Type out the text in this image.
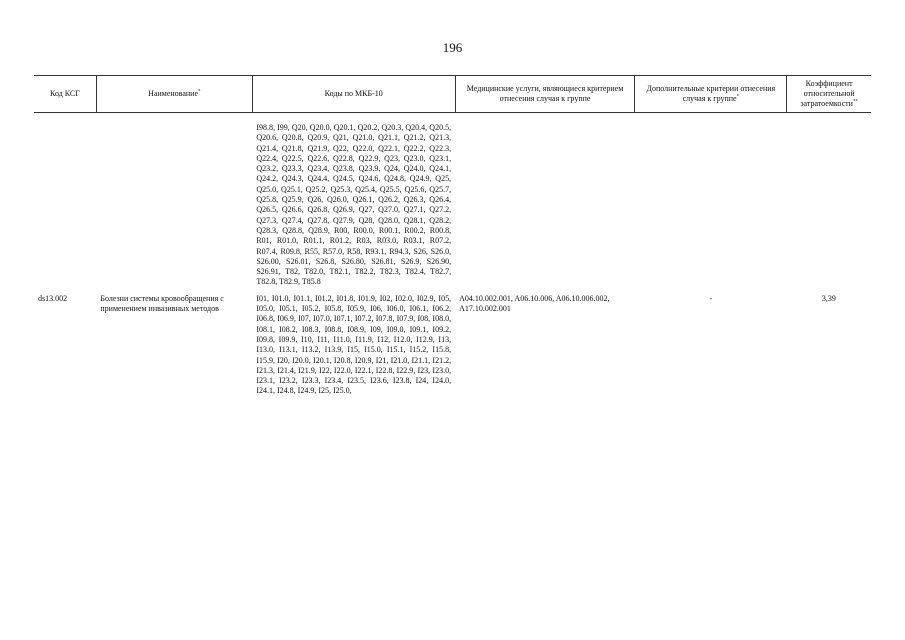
196
Код КСГ	Наименование*	Коды по МКБ-10	Медицинские услуги, являющиеся критерием отнесения случая к группе	Дополнительные критерии отнесения случая к группе*	Коэффициент относительной затратоемкости**
		I98.8, I99, Q20, Q20.0, Q20.1, Q20.2, Q20.3, Q20.4, Q20.5, Q20.6, Q20.8, Q20.9, Q21, Q21.0, Q21.1, Q21.2, Q21.3, Q21.4, Q21.8, Q21.9, Q22, Q22.0, Q22.1, Q22.2, Q22.3, Q22.4, Q22.5, Q22.6, Q22.8, Q22.9, Q23, Q23.0, Q23.1, Q23.2, Q23.3, Q23.4, Q23.8, Q23.9, Q24, Q24.0, Q24.1, Q24.2, Q24.3, Q24.4, Q24.5, Q24.6, Q24.8, Q24.9, Q25, Q25.0, Q25.1, Q25.2, Q25.3, Q25.4, Q25.5, Q25.6, Q25.7, Q25.8, Q25.9, Q26, Q26.0, Q26.1, Q26.2, Q26.3, Q26.4, Q26.5, Q26.6, Q26.8, Q26.9, Q27, Q27.0, Q27.1, Q27.2, Q27.3, Q27.4, Q27.8, Q27.9, Q28, Q28.0, Q28.1, Q28.2, Q28.3, Q28.8, Q28.9, R00, R00.0, R00.1, R00.2, R00.8, R01, R01.0, R01.1, R01.2, R03, R03.0, R03.1, R07.2, R07.4, R09.8, R55, R57.0, R58, R93.1, R94.3, S26, S26.0, S26.00, S26.01, S26.8, S26.80, S26.81, S26.9, S26.90, S26.91, T82, T82.0, T82.1, T82.2, T82.3, T82.4, T82.7, T82.8, T82.9, T85.8			
ds13.002	Болезни системы кровообращения с применением инвазивных методов	I01, I01.0, I01.1, I01.2, I01.8, I01.9, I02, I02.0, I02.9, I05, I05.0, I05.1, I05.2, I05.8, I05.9, I06, I06.0, I06.1, I06.2, I06.8, I06.9, I07, I07.0, I07.1, I07.2, I07.8, I07.9, I08, I08.0, I08.1, I08.2, I08.3, I08.8, I08.9, I09, I09.0, I09.1, I09.2, I09.8, I09.9, I10, I11, I11.0, I11.9, I12, I12.0, I12.9, I13, I13.0, I13.1, I13.2, I13.9, I15, I15.0, I15.1, I15.2, I15.8, I15.9, I20, I20.0, I20.1, I20.8, I20.9, I21, I21.0, I21.1, I21.2, I21.3, I21.4, I21.9, I22, I22.0, I22.1, I22.8, I22.9, I23, I23.0, I23.1, I23.2, I23.3, I23.4, I23.5, I23.6, I23.8, I24, I24.0, I24.1, I24.8, I24.9, I25, I25.0,	A04.10.002.001, A06.10.006, A06.10.006.002, A17.10.002.001	-	3,39
